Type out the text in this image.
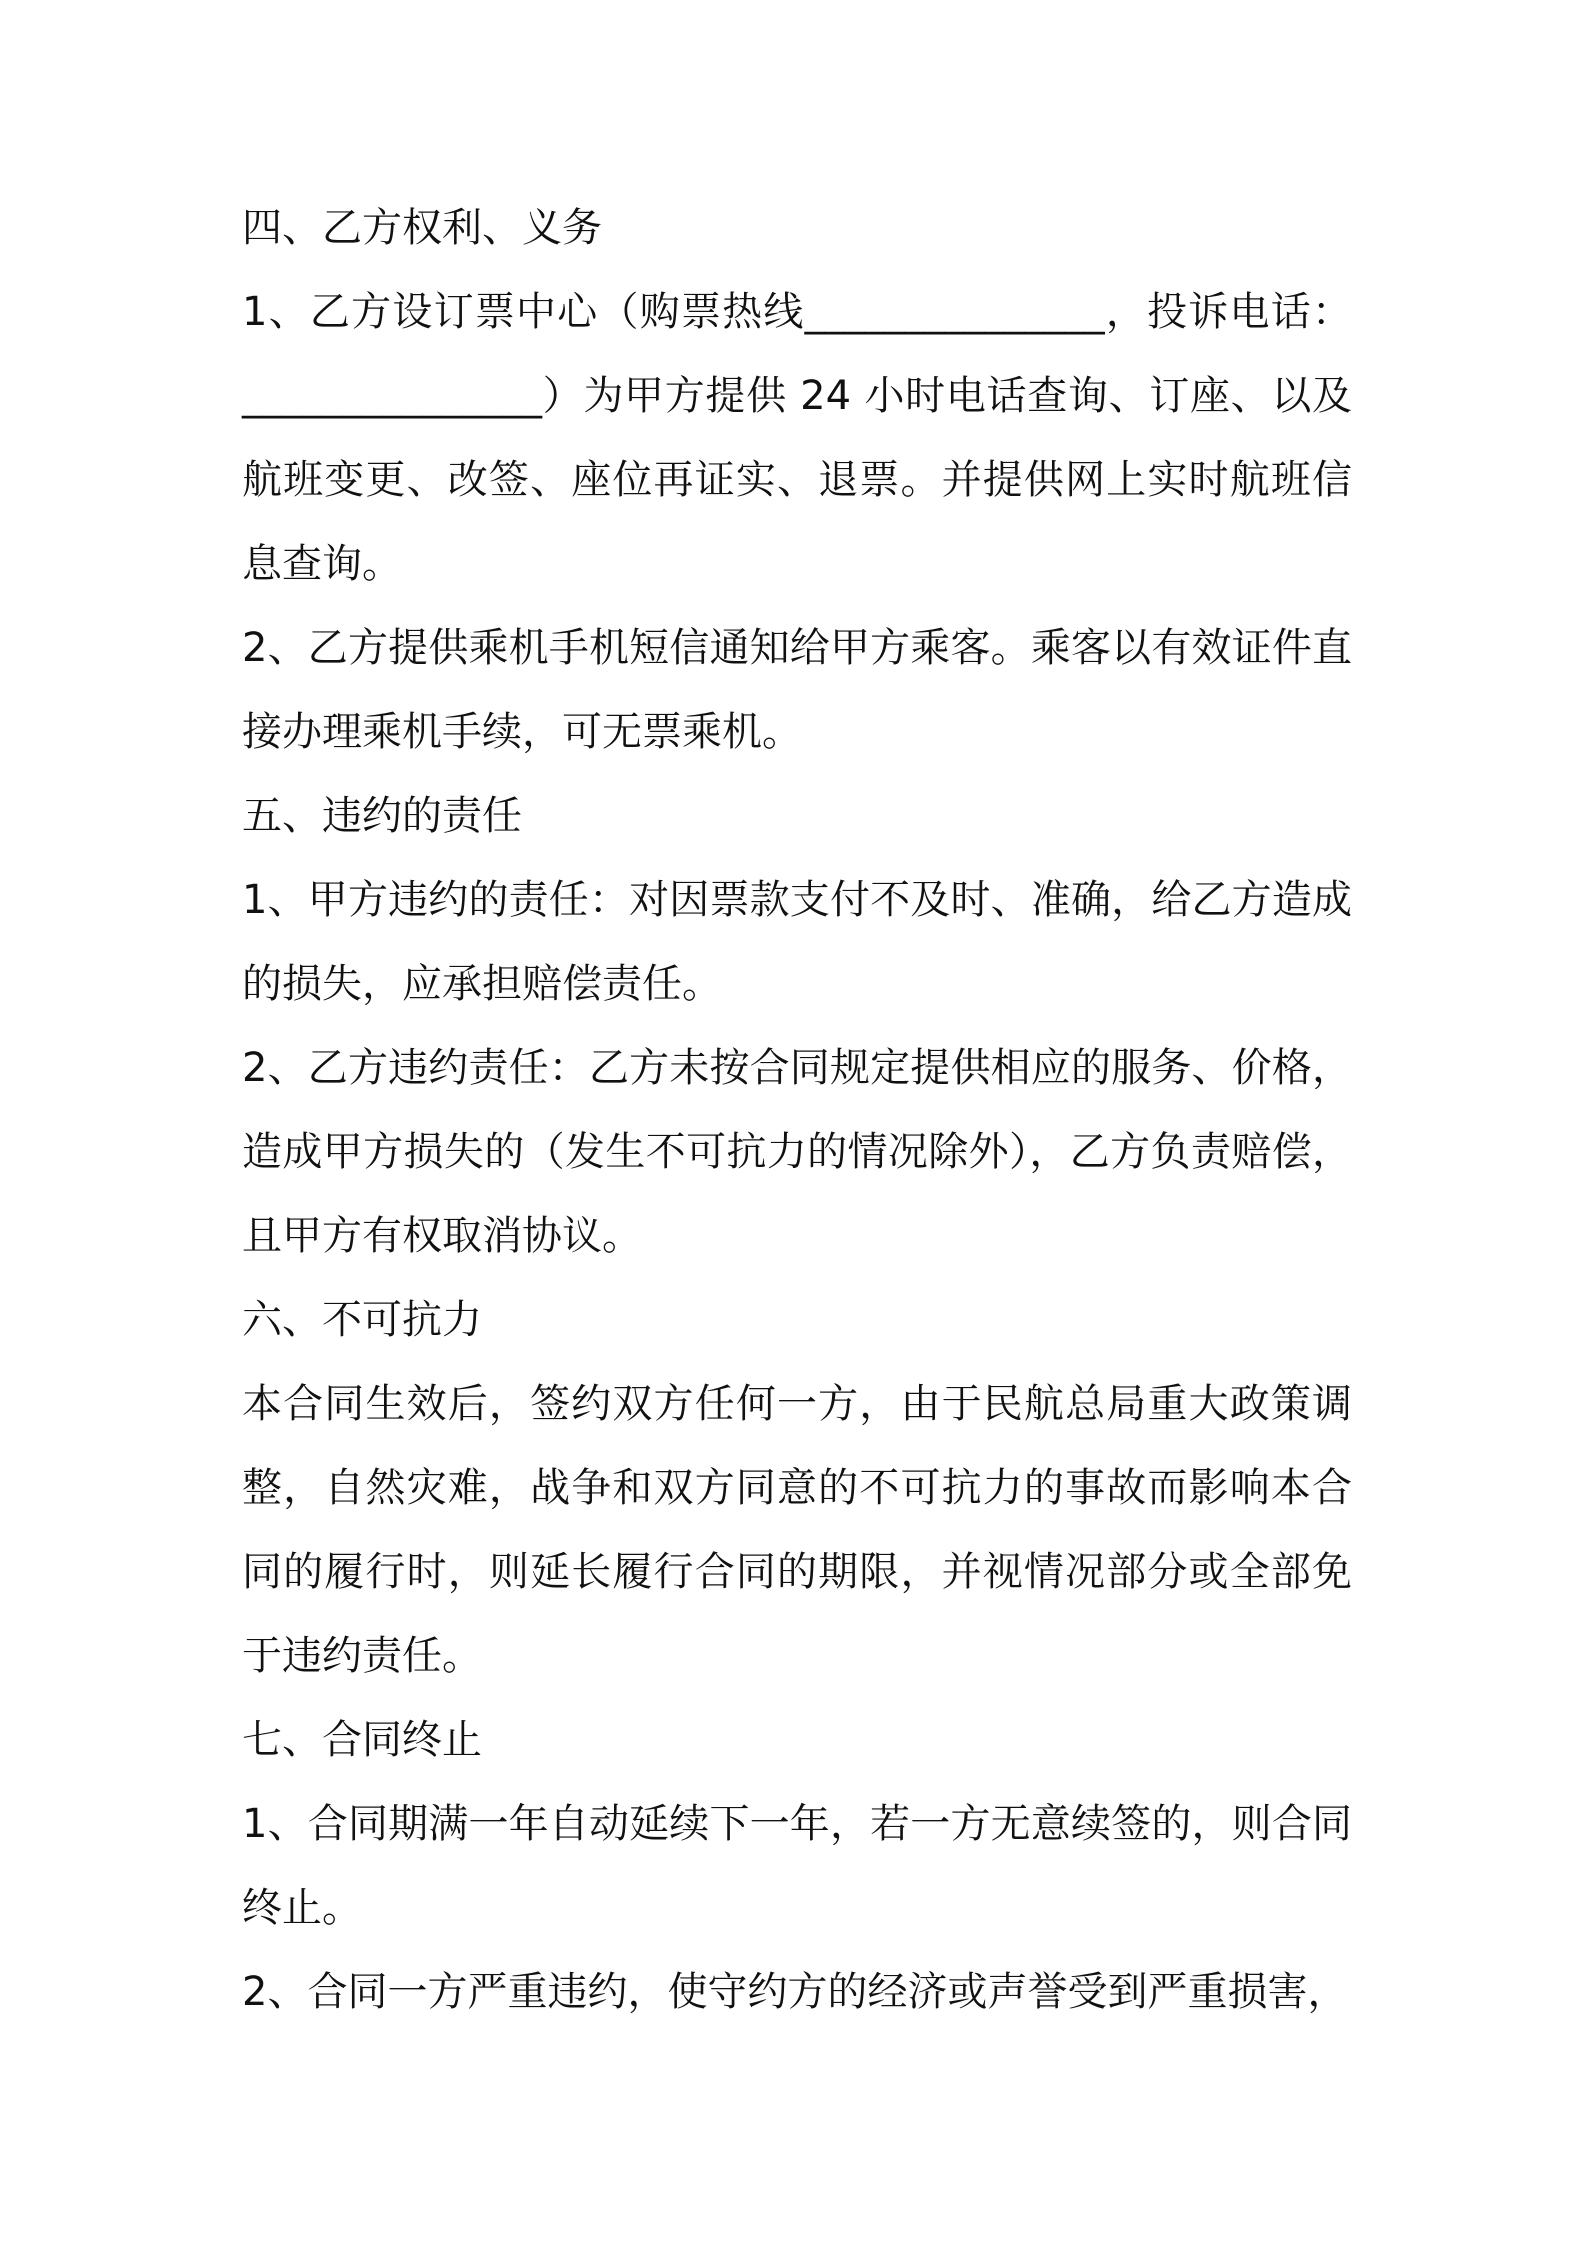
四、乙方权利、义务

1、乙方设订票中心（购票热线_______________，投诉电话：_______________）为甲方提供 24 小时电话查询、订座、以及航班变更、改签、座位再证实、退票。并提供网上实时航班信息查询。

2、乙方提供乘机手机短信通知给甲方乘客。乘客以有效证件直接办理乘机手续，可无票乘机。

五、违约的责任

1、甲方违约的责任：对因票款支付不及时、准确，给乙方造成的损失，应承担赔偿责任。

2、乙方违约责任：乙方未按合同规定提供相应的服务、价格，造成甲方损失的（发生不可抗力的情况除外），乙方负责赔偿，且甲方有权取消协议。

六、不可抗力

本合同生效后，签约双方任何一方，由于民航总局重大政策调整，自然灾难，战争和双方同意的不可抗力的事故而影响本合同的履行时，则延长履行合同的期限，并视情况部分或全部免于违约责任。

七、合同终止

1、合同期满一年自动延续下一年，若一方无意续签的，则合同终止。

2、合同一方严重违约，使守约方的经济或声誉受到严重损害，
